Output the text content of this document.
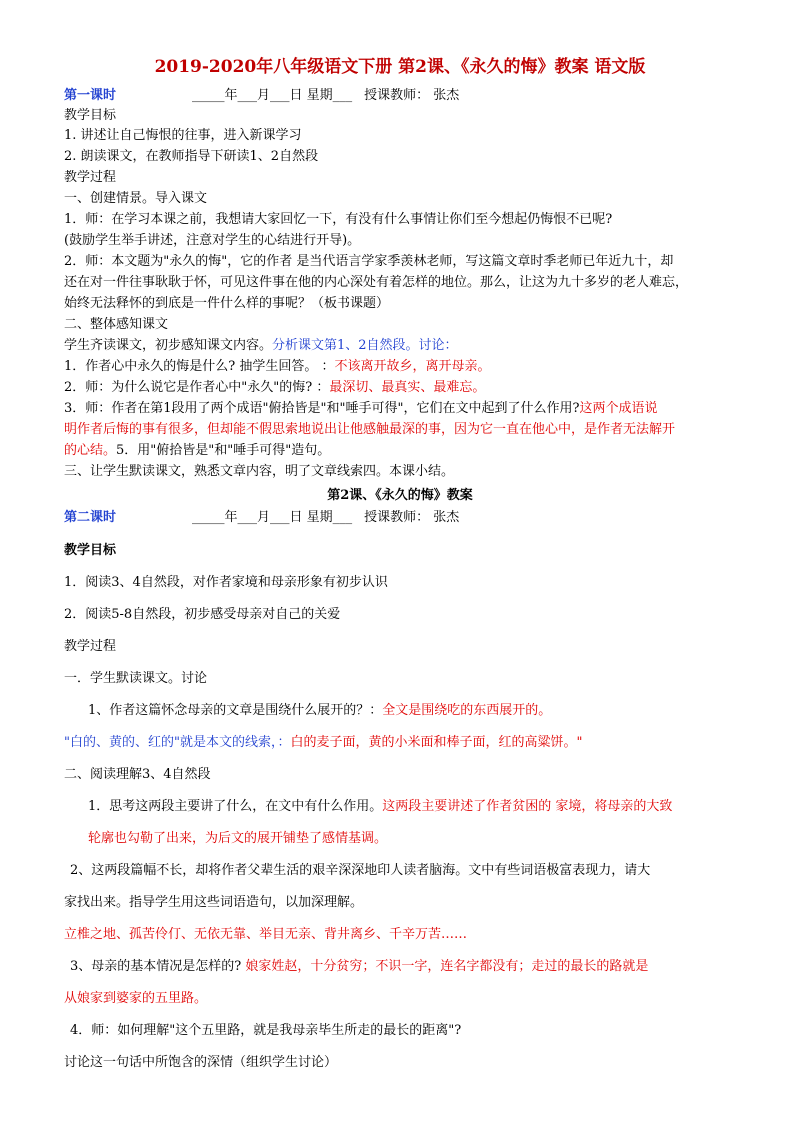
2019-2020年八年级语文下册 第2课、《永久的悔》教案 语文版
第一课时	_____年___月___日 星期___ 授课教师： 张杰
教学目标
1. 讲述让自己悔恨的往事，进入新课学习
2. 朗读课文，在教师指导下研读1、2自然段
教学过程
一、创建情景。导入课文
1．师：在学习本课之前，我想请大家回忆一下，有没有什么事情让你们至今想起仍悔恨不已呢?
(鼓励学生举手讲述，注意对学生的心结进行开导)。
2．师：本文题为"永久的悔"，它的作者 是当代语言学家季羡林老师，写这篇文章时季老师已年近九十，却
还在对一件往事耿耿于怀，可见这件事在他的内心深处有着怎样的地位。那么，让这为九十多岁的老人难忘，
始终无法释怀的到底是一件什么样的事呢？（板书课题）
二、整体感知课文
学生齐读课文，初步感知课文内容。分析课文第1、2自然段。讨论：
1．作者心中永久的悔是什么? 抽学生回答。 ：不该离开故乡，离开母亲。
2．师：为什么说它是作者心中"永久"的悔? ：最深切、最真实、最难忘。
3．师：作者在第1段用了两个成语"俯拾皆是"和"唾手可得"，它们在文中起到了什么作用?这两个成语说
明作者后悔的事有很多，但却能不假思索地说出让他感触最深的事，因为它一直在他心中，是作者无法解开
的心结。5．用"俯拾皆是"和"唾手可得"造句。
三、让学生默读课文，熟悉文章内容，明了文章线索四。本课小结。
第2课、《永久的悔》教案
第二课时	_____年___月___日 星期___ 授课教师： 张杰
教学目标
1．阅读3、4自然段，对作者家境和母亲形象有初步认识
2．阅读5-8自然段，初步感受母亲对自己的关爱
教学过程
一．学生默读课文。讨论
1、作者这篇怀念母亲的文章是围绕什么展开的？：全文是围绕吃的东西展开的。
"白的、黄的、红的"就是本文的线索，：白的麦子面，黄的小米面和棒子面，红的高粱饼。"
二、阅读理解3、4自然段
1．思考这两段主要讲了什么，在文中有什么作用。这两段主要讲述了作者贫困的 家境，将母亲的大致
轮廓也勾勒了出来，为后文的展开铺垫了感情基调。
2、这两段篇幅不长，却将作者父辈生活的艰辛深深地印人读者脑海。文中有些词语极富表现力，请大
家找出来。指导学生用这些词语造句，以加深理解。
立椎之地、孤苦伶仃、无依无靠、举目无亲、背井离乡、千辛万苦……
3、母亲的基本情况是怎样的? 娘家姓赵，十分贫穷；不识一字，连名字都没有；走过的最长的路就是
从娘家到婆家的五里路。
4．师：如何理解"这个五里路，就是我母亲毕生所走的最长的距离"?
讨论这一句话中所饱含的深情（组织学生讨论）
